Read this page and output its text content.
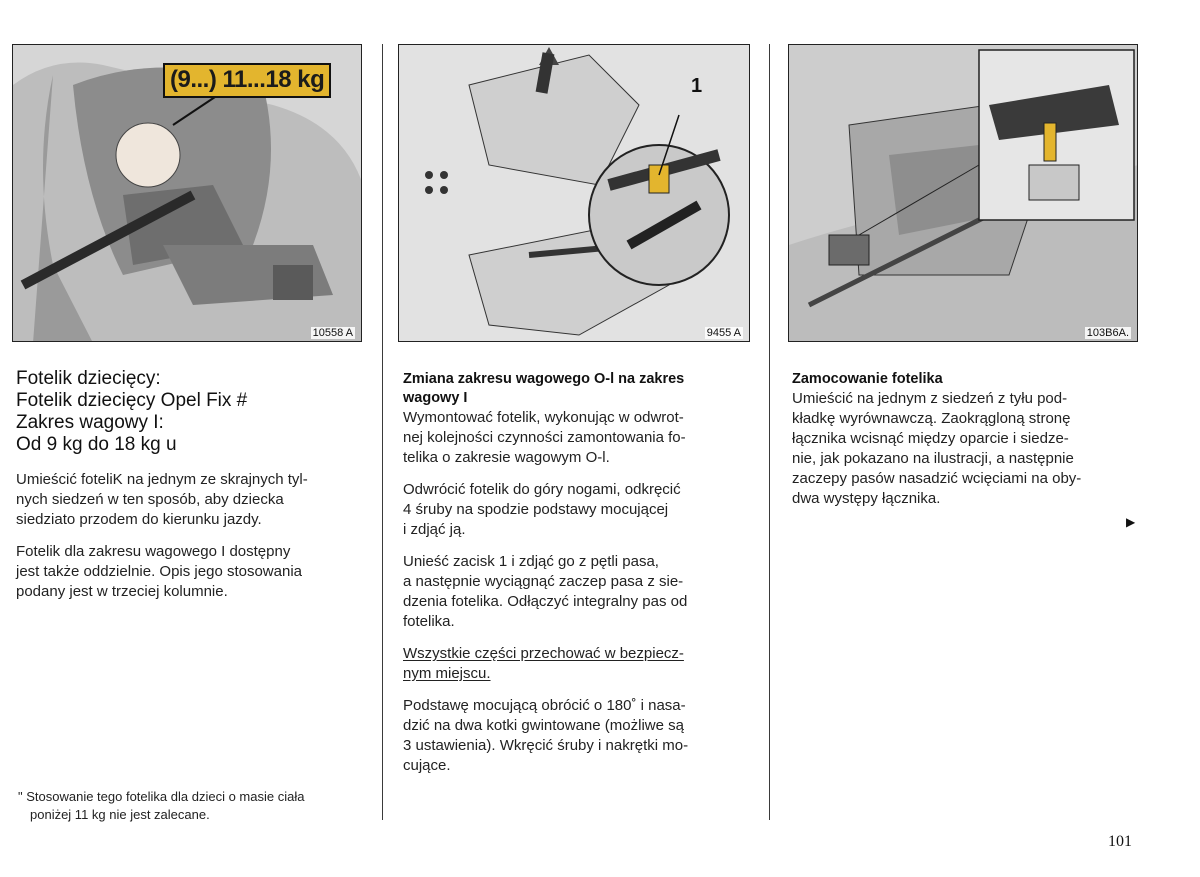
(9...) 11...18 kg
10558 A
1
9455 A	103B6A.
Fotelik dziecięcy:
Fotelik dziecięcy Opel Fix #
Zakres wagowy I:
Od 9 kg do 18 kg u

Umieścić foteliK na jednym ze skrajnych tyl-
nych siedzeń w ten sposób, aby dziecka
siedziato przodem do kierunku jazdy.

Fotelik dla zakresu wagowego I dostępny
jest także oddzielnie. Opis jego stosowania
podany jest w trzeciej kolumnie.

" Stosowanie tego fotelika dla dzieci o masie ciała
poniżej 11 kg nie jest zalecane.
Zmiana zakresu wagowego O-l na zakres
wagowy I

Wymontować fotelik, wykonując w odwrot-
nej kolejności czynności zamontowania fo-
telika o zakresie wagowym O-l.

Odwrócić fotelik do góry nogami, odkręcić
4 śruby na spodzie podstawy mocującej
i zdjąć ją.

Unieść zacisk 1 i zdjąć go z pętli pasa,
a następnie wyciągnąć zaczep pasa z sie-
dzenia fotelika. Odłączyć integralny pas od
fotelika.

Wszystkie części przechować w bezpiecz-
nym miejscu.

Podstawę mocującą obrócić o 180˚ i nasa-
dzić na dwa kotki gwintowane (możliwe są
3 ustawienia). Wkręcić śruby i nakrętki mo-
cujące.

Zamocowanie fotelika

Umieścić na jednym z siedzeń z tyłu pod-
kładkę wyrównawczą. Zaokrągloną stronę
łącznika wcisnąć między oparcie i siedze-
nie, jak pokazano na ilustracji, a następnie
zaczepy pasów nasadzić wcięciami na oby-
dwa występy łącznika.

▶
101
